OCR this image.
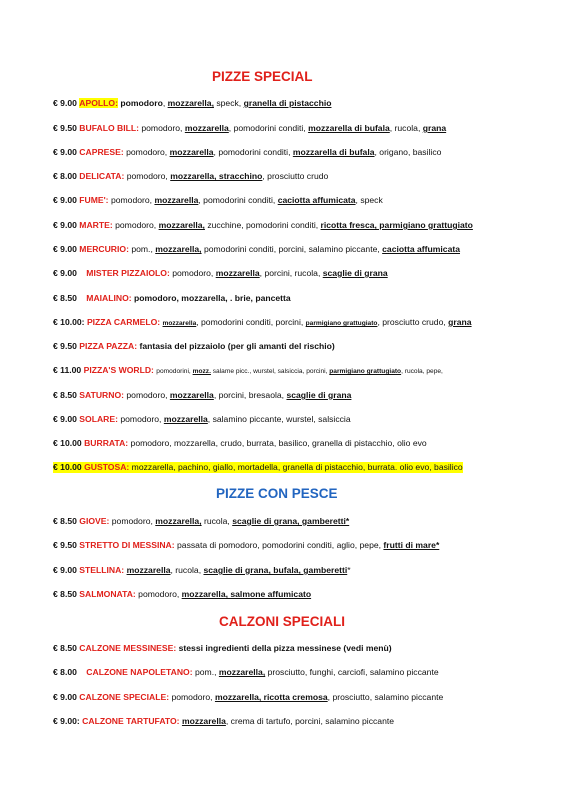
PIZZE SPECIAL
PIZZE CON PESCE
CALZONI SPECIALI
€ 9.00 APOLLO: pomodoro, mozzarella, speck, granella di pistacchio
€ 9.50 BUFALO BILL: pomodoro, mozzarella, pomodorini conditi, mozzarella di bufala, rucola, grana
€ 9.00 CAPRESE: pomodoro, mozzarella, pomodorini conditi, mozzarella di bufala, origano, basilico
€ 8.00 DELICATA: pomodoro, mozzarella, stracchino, prosciutto crudo
€ 9.00 FUME': pomodoro, mozzarella, pomodorini conditi, caciotta affumicata, speck
€ 9.00 MARTE: pomodoro, mozzarella, zucchine, pomodorini conditi, ricotta fresca, parmigiano grattugiato
€ 9.00 MERCURIO: pom., mozzarella, pomodorini conditi, porcini, salamino piccante, caciotta affumicata
€ 9.00 MISTER PIZZAIOLO: pomodoro, mozzarella, porcini, rucola, scaglie di grana
€ 8.50 MAIALINO: pomodoro, mozzarella, . brie, pancetta
€ 10.00: PIZZA CARMELO: mozzarella, pomodorini conditi, porcini, parmigiano grattugiato, prosciutto crudo, grana
€ 9.50 PIZZA PAZZA: fantasia del pizzaiolo (per gli amanti del rischio)
€ 11.00 PIZZA'S WORLD: pomodorini, mozz. salame picc., wurstel, salsiccia, porcini, parmigiano grattugiato, rucola, pepe,
€ 8.50 SATURNO: pomodoro, mozzarella, porcini, bresaola, scaglie di grana
€ 9.00 SOLARE: pomodoro, mozzarella, salamino piccante, wurstel, salsiccia
€ 10.00 BURRATA: pomodoro, mozzarella, crudo, burrata, basilico, granella di pistacchio, olio evo
€ 10.00 GUSTOSA: mozzarella, pachino, giallo, mortadella, granella di pistacchio, burrata. olio evo, basilico
€ 8.50 GIOVE: pomodoro, mozzarella, rucola, scaglie di grana, gamberetti*
€ 9.50 STRETTO DI MESSINA: passata di pomodoro, pomodorini conditi, aglio, pepe, frutti di mare*
€ 9.00 STELLINA: mozzarella, rucola, scaglie di grana, bufala, gamberetti*
€ 8.50 SALMONATA: pomodoro, mozzarella, salmone affumicato
€ 8.50 CALZONE MESSINESE: stessi ingredienti della pizza messinese (vedi menù)
€ 8.00 CALZONE NAPOLETANO: pom., mozzarella, prosciutto, funghi, carciofi, salamino piccante
€ 9.00 CALZONE SPECIALE: pomodoro, mozzarella, ricotta cremosa, prosciutto, salamino piccante
€ 9.00: CALZONE TARTUFATO: mozzarella, crema di tartufo, porcini, salamino piccante
